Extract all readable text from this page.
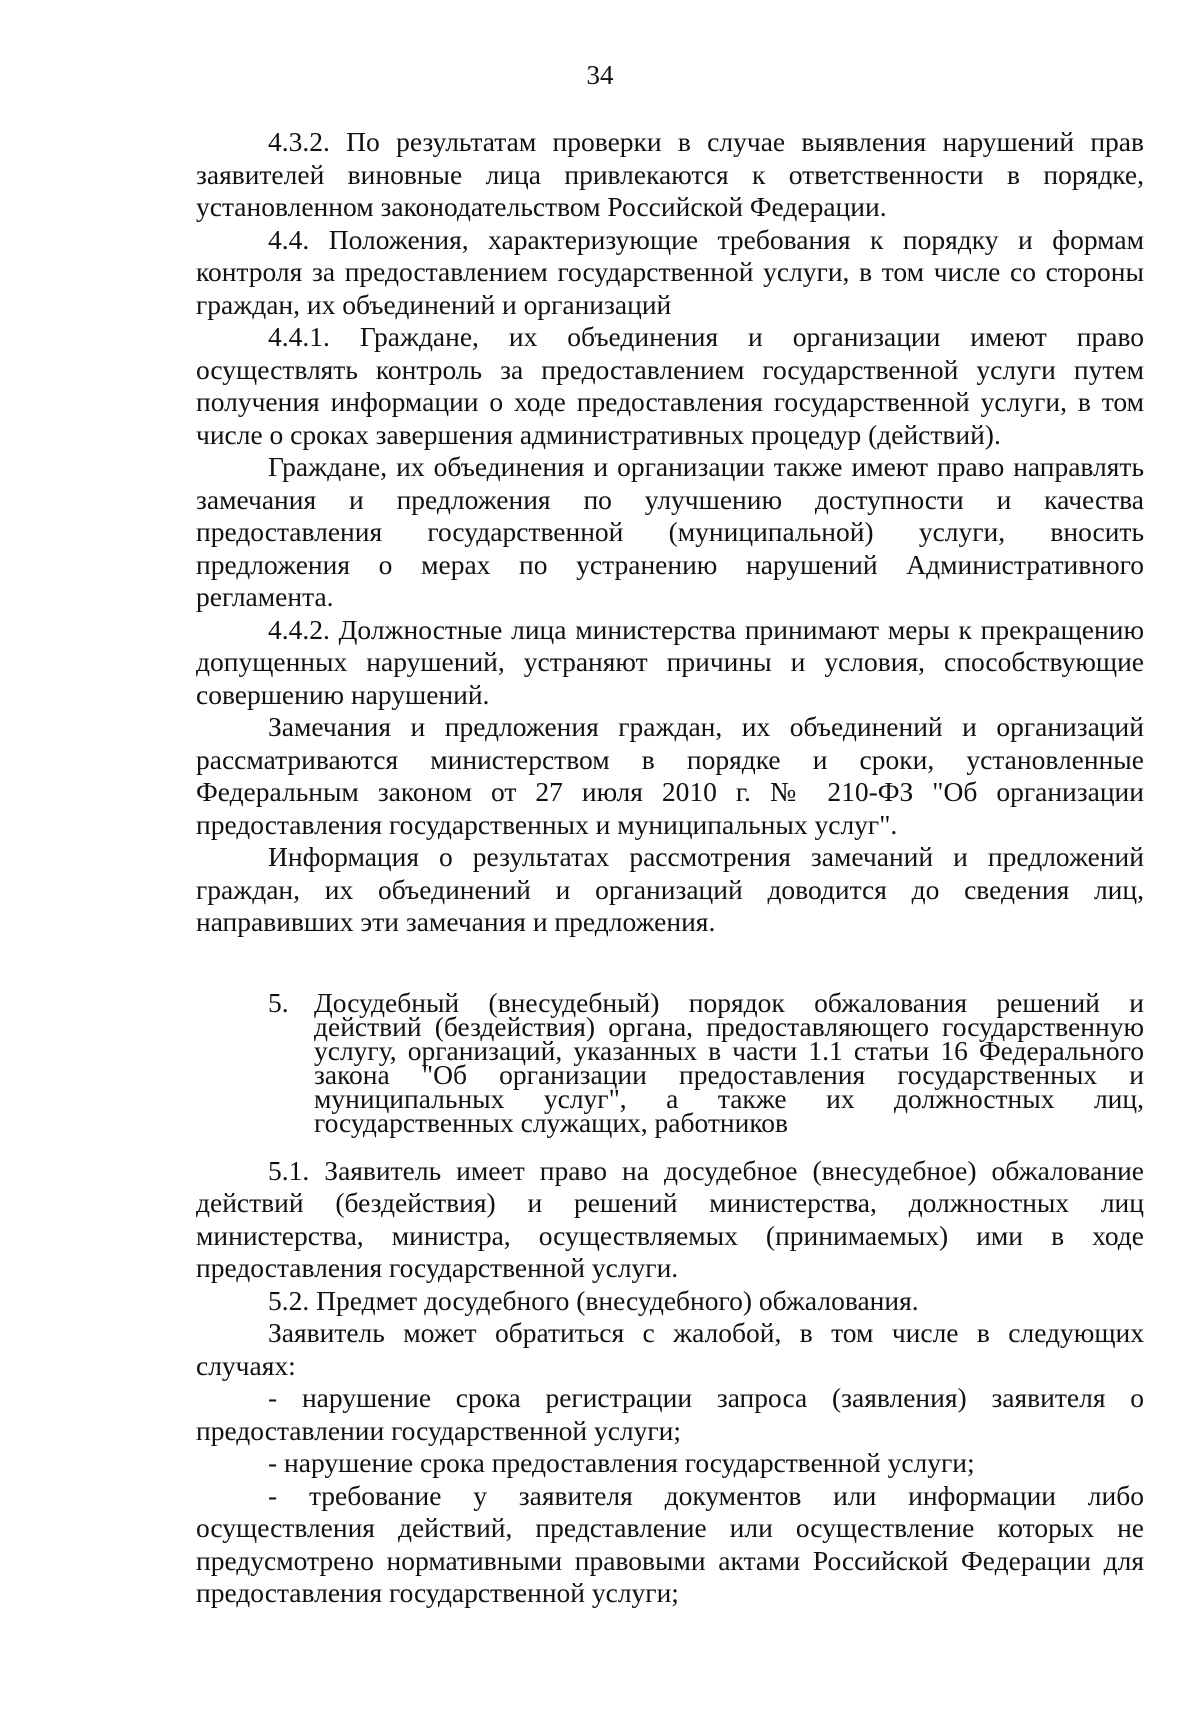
34

4.3.2. По результатам проверки в случае выявления нарушений прав заявителей виновные лица привлекаются к ответственности в порядке, установленном законодательством Российской Федерации.

4.4. Положения, характеризующие требования к порядку и формам контроля за предоставлением государственной услуги, в том числе со стороны граждан, их объединений и организаций

4.4.1. Граждане, их объединения и организации имеют право осуществлять контроль за предоставлением государственной услуги путем получения информации о ходе предоставления государственной услуги, в том числе о сроках завершения административных процедур (действий).

Граждане, их объединения и организации также имеют право направлять замечания и предложения по улучшению доступности и качества предоставления государственной (муниципальной) услуги, вносить предложения о мерах по устранению нарушений Административного регламента.

4.4.2. Должностные лица министерства принимают меры к прекращению допущенных нарушений, устраняют причины и условия, способствующие совершению нарушений.

Замечания и предложения граждан, их объединений и организаций рассматриваются министерством в порядке и сроки, установленные Федеральным законом от 27 июля 2010 г. № 210-ФЗ "Об организации предоставления государственных и муниципальных услуг".

Информация о результатах рассмотрения замечаний и предложений граждан, их объединений и организаций доводится до сведения лиц, направивших эти замечания и предложения.

5. Досудебный (внесудебный) порядок обжалования решений и действий (бездействия) органа, предоставляющего государственную услугу, организаций, указанных в части 1.1 статьи 16 Федерального закона "Об организации предоставления государственных и муниципальных услуг", а также их должностных лиц, государственных служащих, работников

5.1. Заявитель имеет право на досудебное (внесудебное) обжалование действий (бездействия) и решений министерства, должностных лиц министерства, министра, осуществляемых (принимаемых) ими в ходе предоставления государственной услуги.

5.2. Предмет досудебного (внесудебного) обжалования.

Заявитель может обратиться с жалобой, в том числе в следующих случаях:

- нарушение срока регистрации запроса (заявления) заявителя о предоставлении государственной услуги;

- нарушение срока предоставления государственной услуги;

- требование у заявителя документов или информации либо осуществления действий, представление или осуществление которых не предусмотрено нормативными правовыми актами Российской Федерации для предоставления государственной услуги;
